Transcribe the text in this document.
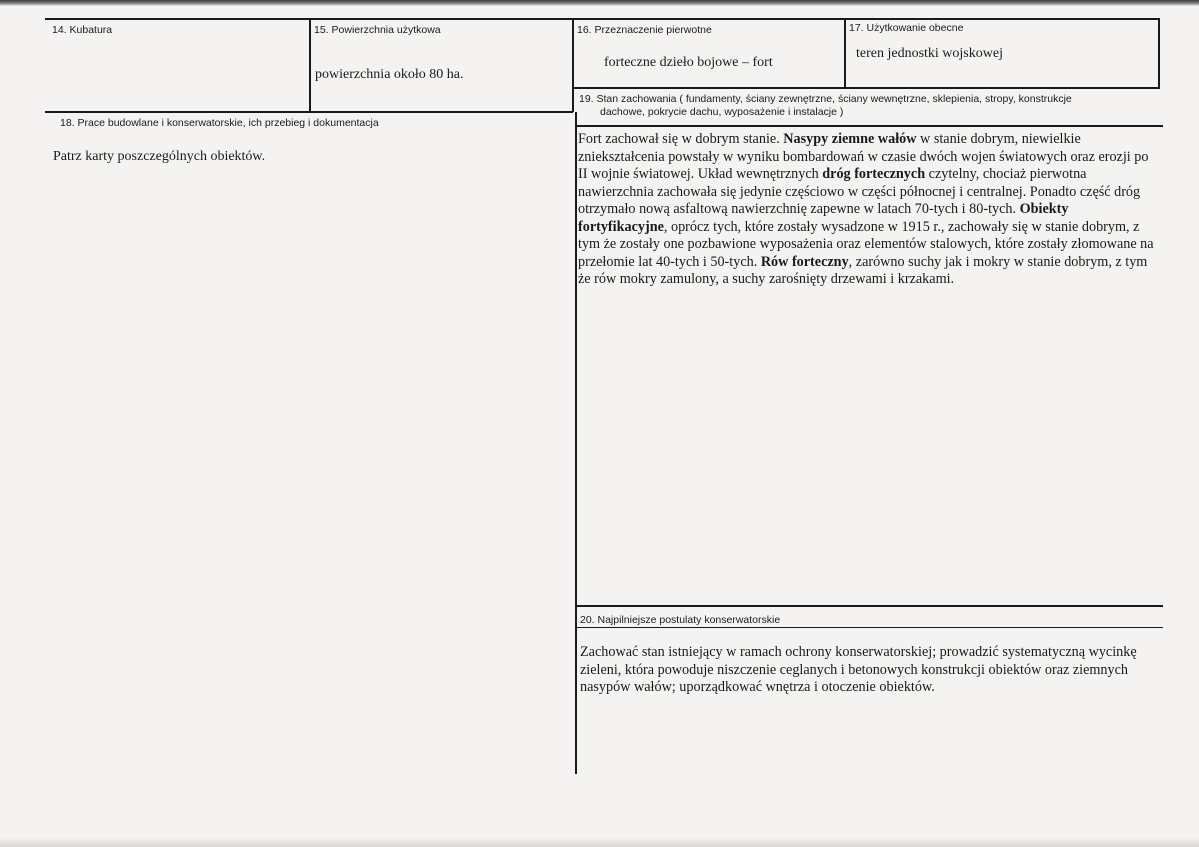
14. Kubatura	15. Powierzchnia użytkowa
powierzchnia około 80 ha.
16. Przeznaczenie pierwotne
forteczne dzieło bojowe – fort
17. Użytkowanie obecne
teren jednostki wojskowej
18. Prace budowlane i konserwatorskie, ich przebieg i dokumentacja
Patrz karty poszczególnych obiektów.
19. Stan zachowania ( fundamenty, ściany zewnętrzne, ściany wewnętrzne, sklepienia, stropy, konstrukcje
dachowe, pokrycie dachu, wyposażenie i instalacje )
Fort zachował się w dobrym stanie. Nasypy ziemne wałów w stanie dobrym, niewielkie zniekształcenia powstały w wyniku bombardowań w czasie dwóch wojen światowych oraz erozji po II wojnie światowej. Układ wewnętrznych dróg fortecznych czytelny, chociaż pierwotna nawierzchnia zachowała się jedynie częściowo w części północnej i centralnej. Ponadto część dróg otrzymało nową asfaltową nawierzchnię zapewne w latach 70-tych i 80-tych. Obiekty fortyfikacyjne, oprócz tych, które zostały wysadzone w 1915 r., zachowały się w stanie dobrym, z tym że zostały one pozbawione wyposażenia oraz elementów stalowych, które zostały złomowane na przełomie lat 40-tych i 50-tych. Rów forteczny, zarówno suchy jak i mokry w stanie dobrym, z tym że rów mokry zamulony, a suchy zarośnięty drzewami i krzakami.
20. Najpilniejsze postulaty konserwatorskie
Zachować stan istniejący w ramach ochrony konserwatorskiej; prowadzić systematyczną wycinkę zieleni, która powoduje niszczenie ceglanych i betonowych konstrukcji obiektów oraz ziemnych nasypów wałów; uporządkować wnętrza i otoczenie obiektów.
